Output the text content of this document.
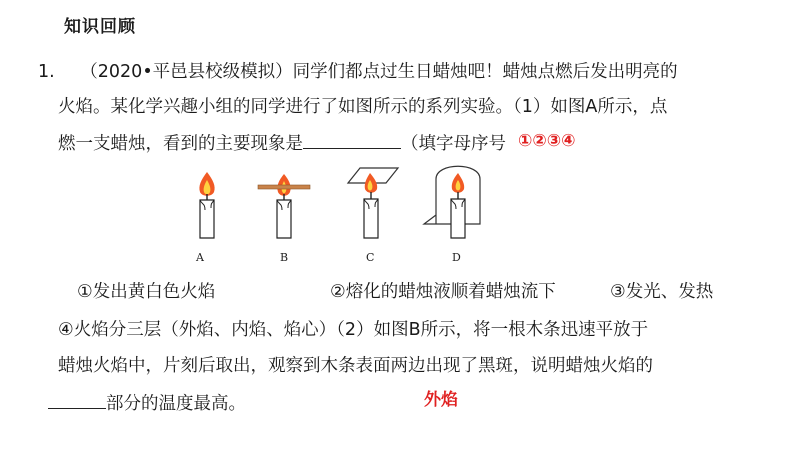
知识回顾
1. （2020•平邑县校级模拟）同学们都点过生日蜡烛吧！蜡烛点燃后发出明亮的
火焰。某化学兴趣小组的同学进行了如图所示的系列实验。（1）如图A所示，点
燃一支蜡烛，看到的主要现象是	（填字母序号 ①②③④
A	B	C	D
①发出黄白色火焰	②熔化的蜡烛液顺着蜡烛流下	③发光、发热
④火焰分三层（外焰、内焰、焰心）（2）如图B所示，将一根木条迅速平放于
蜡烛火焰中，片刻后取出，观察到木条表面两边出现了黑斑，说明蜡烛火焰的
部分的温度最高。	外焰
